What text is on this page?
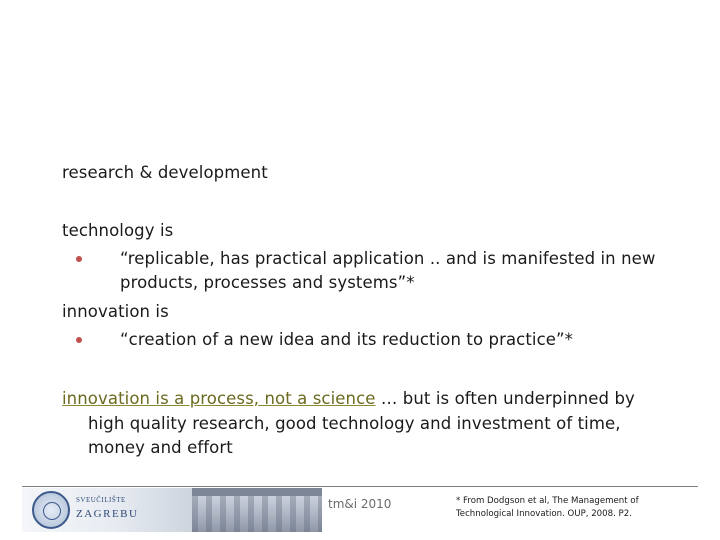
research & development
technology is
“replicable, has practical application .. and is manifested in new
products, processes and systems”*
innovation is
“creation of a new idea and its reduction to practice”*
innovation is a process, not a science … but is often underpinned by
high quality research, good technology and investment of time,
money and effort
SVEUČILIŠTE
ZAGREBU
tm&i 2010	* From Dodgson et al, The Management of
Technological Innovation. OUP, 2008. P2.
